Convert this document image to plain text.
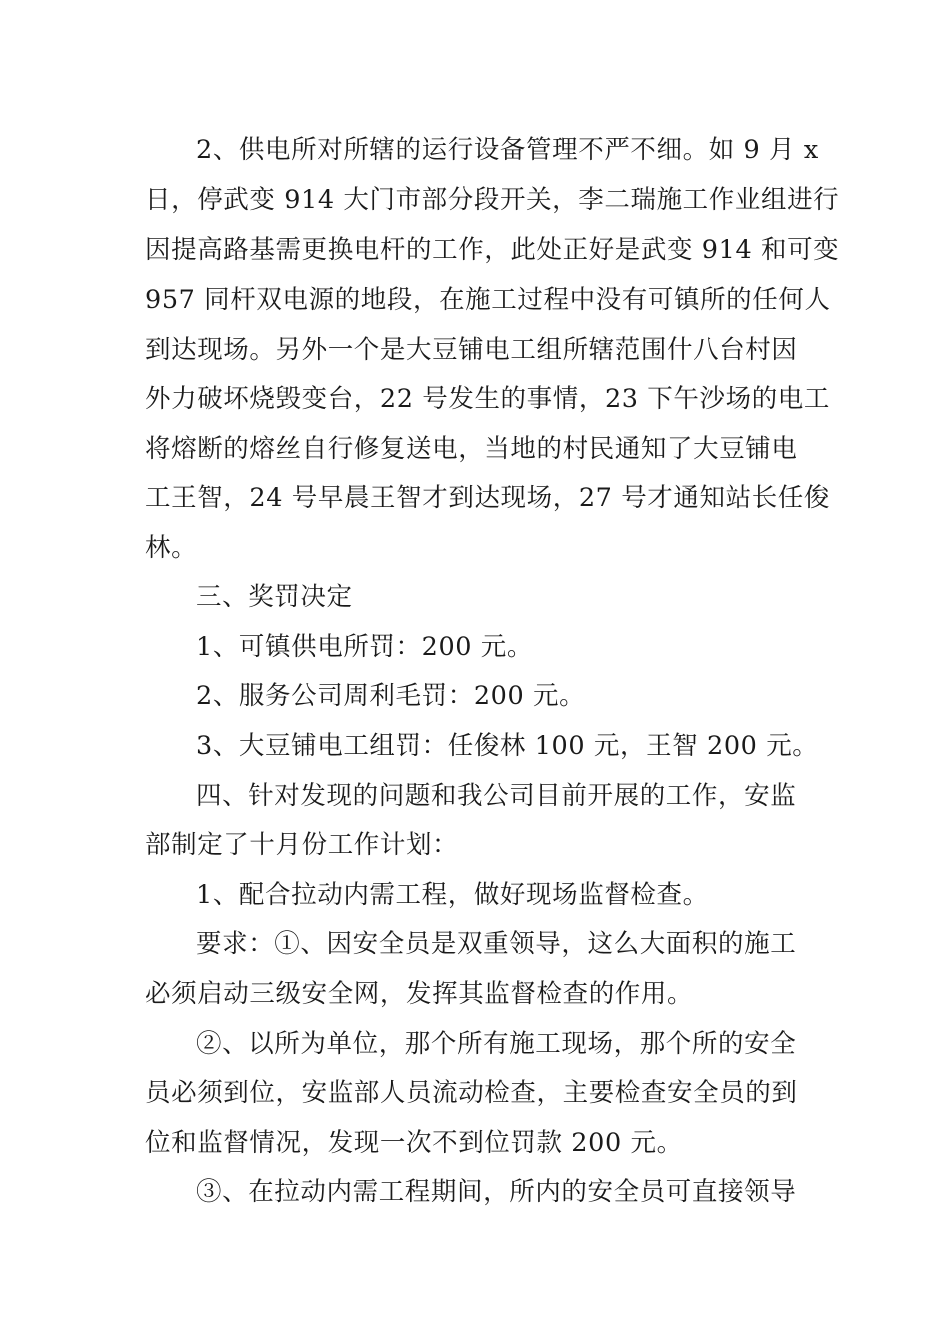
2、供电所对所辖的运行设备管理不严不细。如 9 月 x
日，停武变 914 大门市部分段开关，李二瑞施工作业组进行
因提高路基需更换电杆的工作，此处正好是武变 914 和可变
957 同杆双电源的地段，在施工过程中没有可镇所的任何人
到达现场。另外一个是大豆铺电工组所辖范围什八台村因
外力破坏烧毁变台，22 号发生的事情，23 下午沙场的电工
将熔断的熔丝自行修复送电，当地的村民通知了大豆铺电
工王智，24 号早晨王智才到达现场，27 号才通知站长任俊
林。
三、奖罚决定
1、可镇供电所罚：200 元。
2、服务公司周利毛罚：200 元。
3、大豆铺电工组罚：任俊林 100 元，王智 200 元。
四、针对发现的问题和我公司目前开展的工作，安监
部制定了十月份工作计划：
1、配合拉动内需工程，做好现场监督检查。
要求：①、因安全员是双重领导，这么大面积的施工
必须启动三级安全网，发挥其监督检查的作用。
②、以所为单位，那个所有施工现场，那个所的安全
员必须到位，安监部人员流动检查，主要检查安全员的到
位和监督情况，发现一次不到位罚款 200 元。
③、在拉动内需工程期间，所内的安全员可直接领导
